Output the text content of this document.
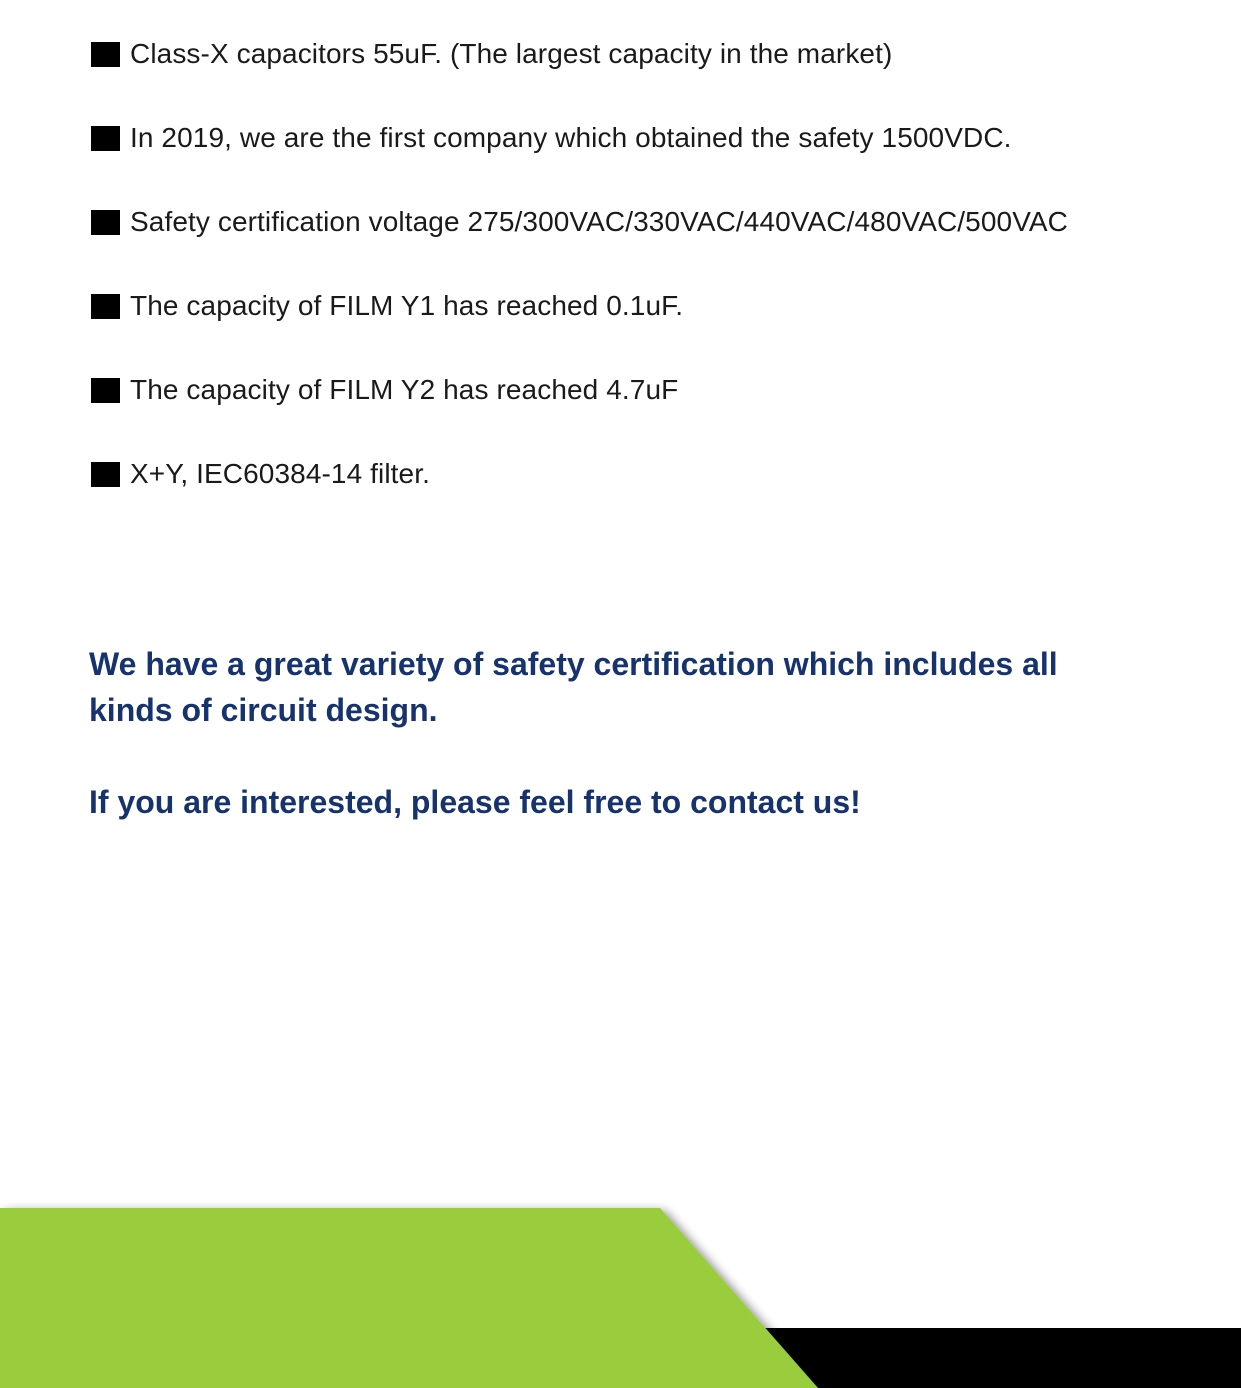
Class-X capacitors 55uF. (The largest capacity in the market)
In 2019, we are the first company which obtained the safety 1500VDC.
Safety certification voltage 275/300VAC/330VAC/440VAC/480VAC/500VAC
The capacity of FILM Y1 has reached 0.1uF.
The capacity of FILM Y2 has reached 4.7uF
X+Y, IEC60384-14 filter.
We have a great variety of safety certification which includes all kinds of circuit design.
If you are interested, please feel free to contact us!
